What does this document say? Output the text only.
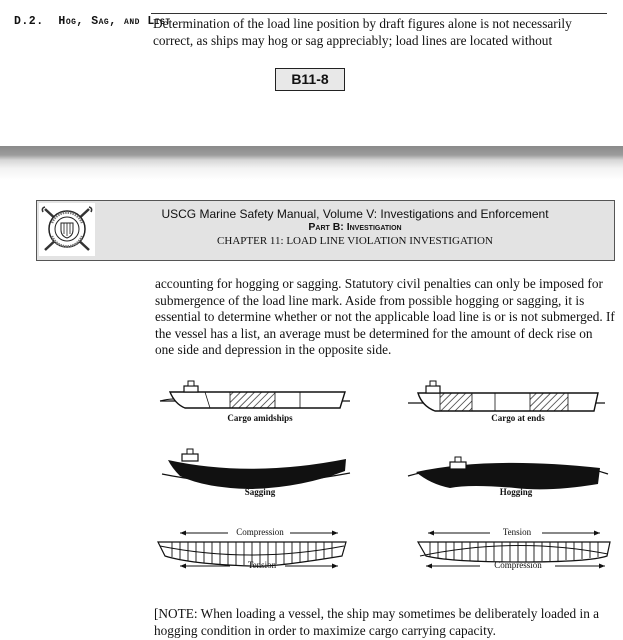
D.2. Hog, Sag, and List
Determination of the load line position by draft figures alone is not necessarily correct, as ships may hog or sag appreciably; load lines are located without
B11-8
USCG Marine Safety Manual, Volume V: Investigations and Enforcement
Part B: Investigation
CHAPTER 11: LOAD LINE VIOLATION INVESTIGATION
accounting for hogging or sagging. Statutory civil penalties can only be imposed for submergence of the load line mark. Aside from possible hogging or sagging, it is essential to determine whether or not the applicable load line is or is not submerged. If the vessel has a list, an average must be determined for the amount of deck rise on one side and depression in the opposite side.
Cargo amidships	Cargo at ends
Sagging	Hogging
Compression
Tension
Tension
Compression
[NOTE: When loading a vessel, the ship may sometimes be deliberately loaded in a hogging condition in order to maximize cargo carrying capacity.
